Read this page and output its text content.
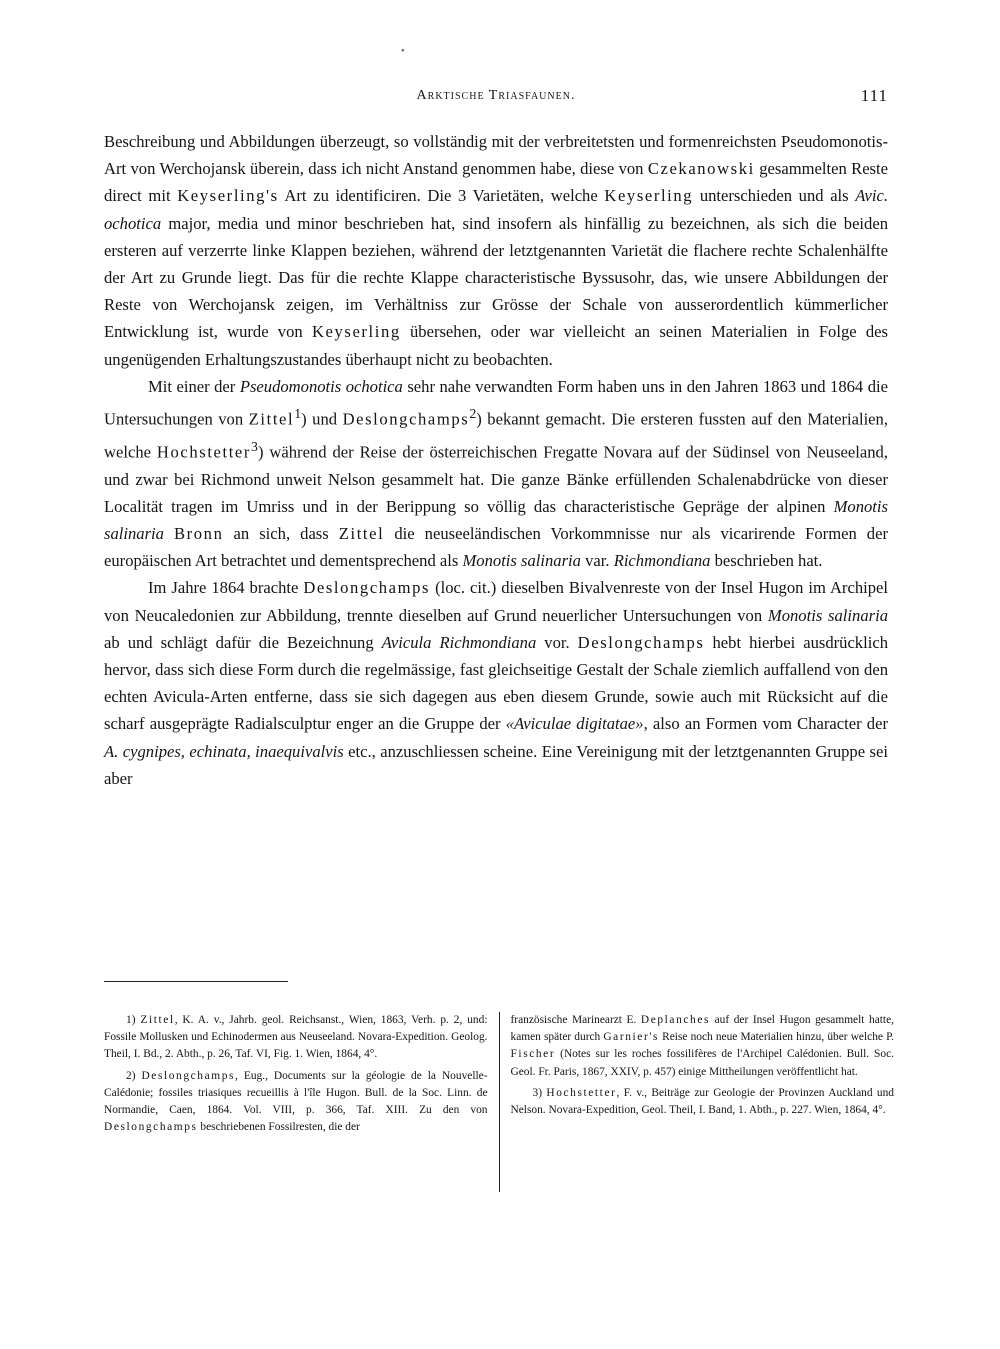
•
Arktische Triasfaunen.	111

Beschreibung und Abbildungen überzeugt, so vollständig mit der verbreitetsten und formenreichsten Pseudomonotis-Art von Werchojansk überein, dass ich nicht Anstand genommen habe, diese von Czekanowski gesammelten Reste direct mit Keyserling's Art zu identificiren. Die 3 Varietäten, welche Keyserling unterschieden und als Avic. ochotica major, media und minor beschrieben hat, sind insofern als hinfällig zu bezeichnen, als sich die beiden ersteren auf verzerrte linke Klappen beziehen, während der letztgenannten Varietät die flachere rechte Schalenhälfte der Art zu Grunde liegt. Das für die rechte Klappe characteristische Byssusohr, das, wie unsere Abbildungen der Reste von Werchojansk zeigen, im Verhältniss zur Grösse der Schale von ausserordentlich kümmerlicher Entwicklung ist, wurde von Keyserling übersehen, oder war vielleicht an seinen Materialien in Folge des ungenügenden Erhaltungszustandes überhaupt nicht zu beobachten.

Mit einer der Pseudomonotis ochotica sehr nahe verwandten Form haben uns in den Jahren 1863 und 1864 die Untersuchungen von Zittel$^1$) und Deslongchamps$^2$) bekannt gemacht. Die ersteren fussten auf den Materialien, welche Hochstetter$^3$) während der Reise der österreichischen Fregatte Novara auf der Südinsel von Neuseeland, und zwar bei Richmond unweit Nelson gesammelt hat. Die ganze Bänke erfüllenden Schalenabdrücke von dieser Localität tragen im Umriss und in der Berippung so völlig das characteristische Gepräge der alpinen Monotis salinaria Bronn an sich, dass Zittel die neuseeländischen Vorkommnisse nur als vicarirende Formen der europäischen Art betrachtet und dementsprechend als Monotis salinaria var. Richmondiana beschrieben hat.

Im Jahre 1864 brachte Deslongchamps (loc. cit.) dieselben Bivalvenreste von der Insel Hugon im Archipel von Neucaledonien zur Abbildung, trennte dieselben auf Grund neuerlicher Untersuchungen von Monotis salinaria ab und schlägt dafür die Bezeichnung Avicula Richmondiana vor. Deslongchamps hebt hierbei ausdrücklich hervor, dass sich diese Form durch die regelmässige, fast gleichseitige Gestalt der Schale ziemlich auffallend von den echten Avicula-Arten entferne, dass sie sich dagegen aus eben diesem Grunde, sowie auch mit Rücksicht auf die scharf ausgeprägte Radialsculptur enger an die Gruppe der «Aviculae digitatae», also an Formen vom Character der A. cygnipes, echinata, inaequivalvis etc., anzuschliessen scheine. Eine Vereinigung mit der letztgenannten Gruppe sei aber

1) Zittel, K. A. v., Jahrb. geol. Reichsanst., Wien, 1863, Verh. p. 2, und: Fossile Mollusken und Echinodermen aus Neuseeland. Novara-Expedition. Geolog. Theil, I. Bd., 2. Abth., p. 26, Taf. VI, Fig. 1. Wien, 1864, 4°.

2) Deslongchamps, Eug., Documents sur la géologie de la Nouvelle-Calédonie; fossiles triasiques recueillis à l'île Hugon. Bull. de la Soc. Linn. de Normandie, Caen, 1864. Vol. VIII, p. 366, Taf. XIII. Zu den von Deslongchamps beschriebenen Fossilresten, die der

französische Marinearzt E. Deplanches auf der Insel Hugon gesammelt hatte, kamen später durch Garnier's Reise noch neue Materialien hinzu, über welche P. Fischer (Notes sur les roches fossilifères de l'Archipel Calédonien. Bull. Soc. Geol. Fr. Paris, 1867, XXIV, p. 457) einige Mittheilungen veröffentlicht hat.

3) Hochstetter, F. v., Beiträge zur Geologie der Provinzen Auckland und Nelson. Novara-Expedition, Geol. Theil, I. Band, 1. Abth., p. 227. Wien, 1864, 4°.
